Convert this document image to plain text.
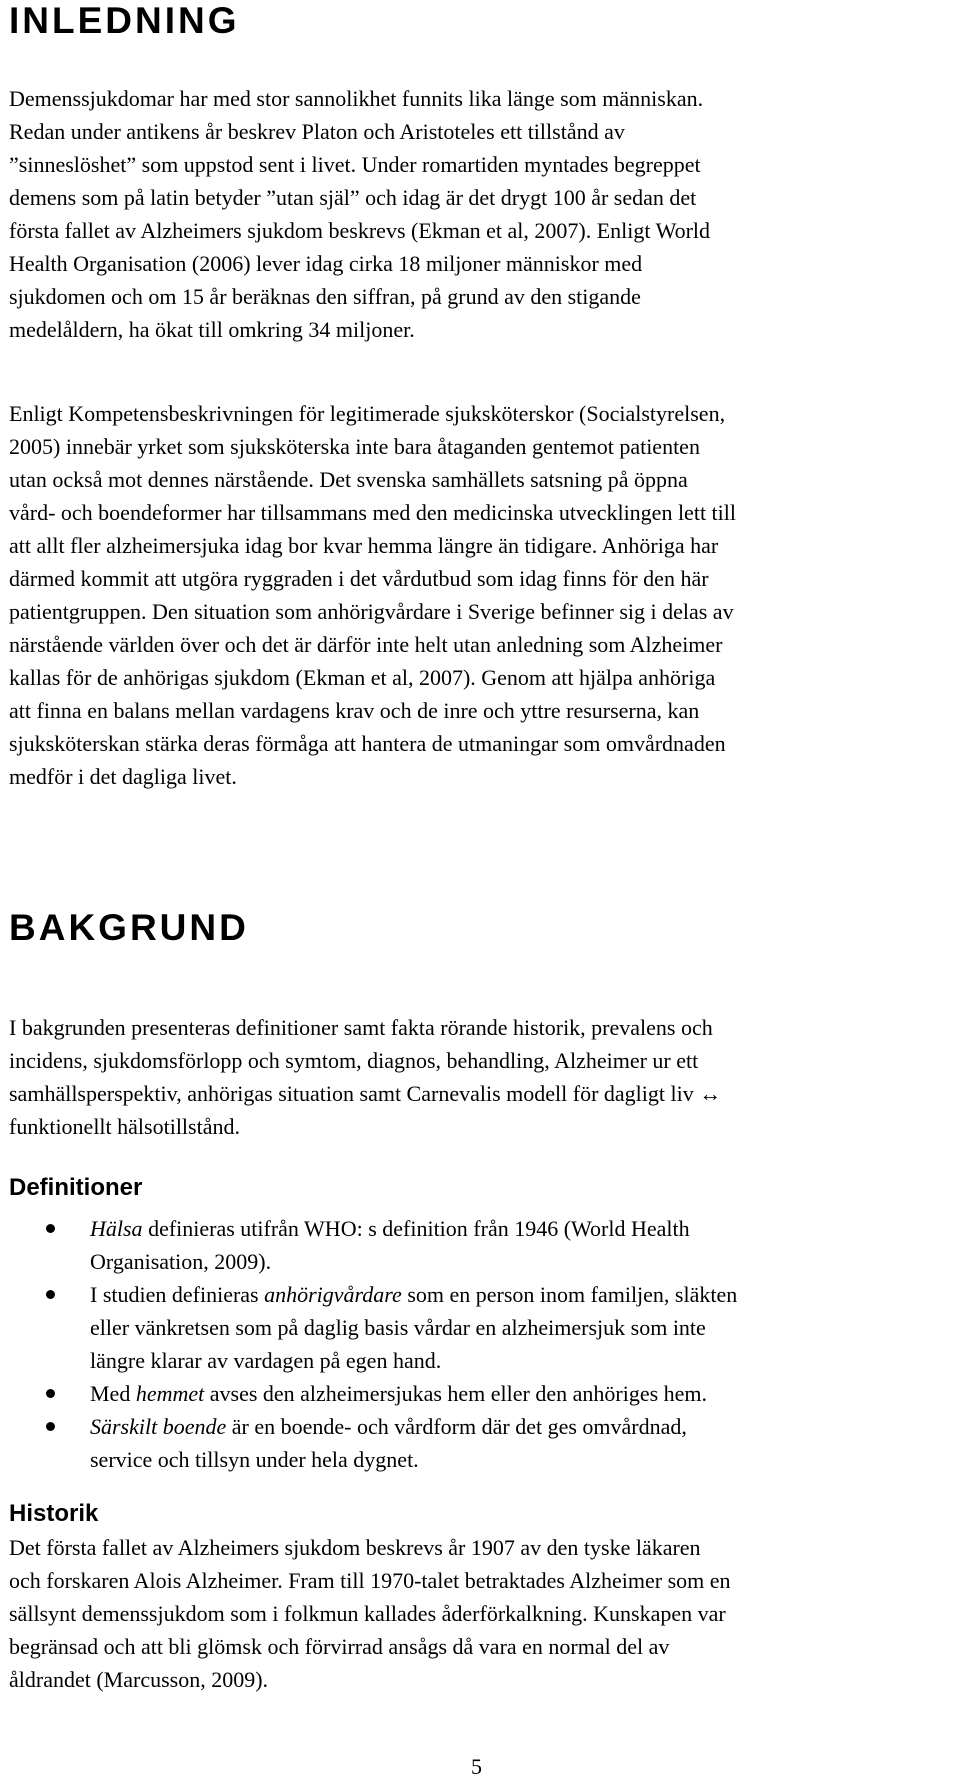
INLEDNING
Demenssjukdomar har med stor sannolikhet funnits lika länge som människan.
Redan under antikens år beskrev Platon och Aristoteles ett tillstånd av
”sinneslöshet” som uppstod sent i livet. Under romartiden myntades begreppet
demens som på latin betyder ”utan själ” och idag är det drygt 100 år sedan det
första fallet av Alzheimers sjukdom beskrevs (Ekman et al, 2007). Enligt World
Health Organisation (2006) lever idag cirka 18 miljoner människor med
sjukdomen och om 15 år beräknas den siffran, på grund av den stigande
medelåldern, ha ökat till omkring 34 miljoner.
Enligt Kompetensbeskrivningen för legitimerade sjuksköterskor (Socialstyrelsen,
2005) innebär yrket som sjuksköterska inte bara åtaganden gentemot patienten
utan också mot dennes närstående. Det svenska samhällets satsning på öppna
vård- och boendeformer har tillsammans med den medicinska utvecklingen lett till
att allt fler alzheimersjuka idag bor kvar hemma längre än tidigare. Anhöriga har
därmed kommit att utgöra ryggraden i det vårdutbud som idag finns för den här
patientgruppen. Den situation som anhörigvårdare i Sverige befinner sig i delas av
närstående världen över och det är därför inte helt utan anledning som Alzheimer
kallas för de anhörigas sjukdom (Ekman et al, 2007). Genom att hjälpa anhöriga
att finna en balans mellan vardagens krav och de inre och yttre resurserna, kan
sjuksköterskan stärka deras förmåga att hantera de utmaningar som omvårdnaden
medför i det dagliga livet.
BAKGRUND
I bakgrunden presenteras definitioner samt fakta rörande historik, prevalens och
incidens, sjukdomsförlopp och symtom, diagnos, behandling, Alzheimer ur ett
samhällsperspektiv, anhörigas situation samt Carnevalis modell för dagligt liv ↔
funktionellt hälsotillstånd.
Definitioner
Hälsa definieras utifrån WHO: s definition från 1946 (World Health
Organisation, 2009).
I studien definieras anhörigvårdare som en person inom familjen, släkten
eller vänkretsen som på daglig basis vårdar en alzheimersjuk som inte
längre klarar av vardagen på egen hand.
Med hemmet avses den alzheimersjukas hem eller den anhöriges hem.
Särskilt boende är en boende- och vårdform där det ges omvårdnad,
service och tillsyn under hela dygnet.
Historik
Det första fallet av Alzheimers sjukdom beskrevs år 1907 av den tyske läkaren
och forskaren Alois Alzheimer. Fram till 1970-talet betraktades Alzheimer som en
sällsynt demenssjukdom som i folkmun kallades åderförkalkning. Kunskapen var
begränsad och att bli glömsk och förvirrad ansågs då vara en normal del av
åldrandet (Marcusson, 2009).
5
